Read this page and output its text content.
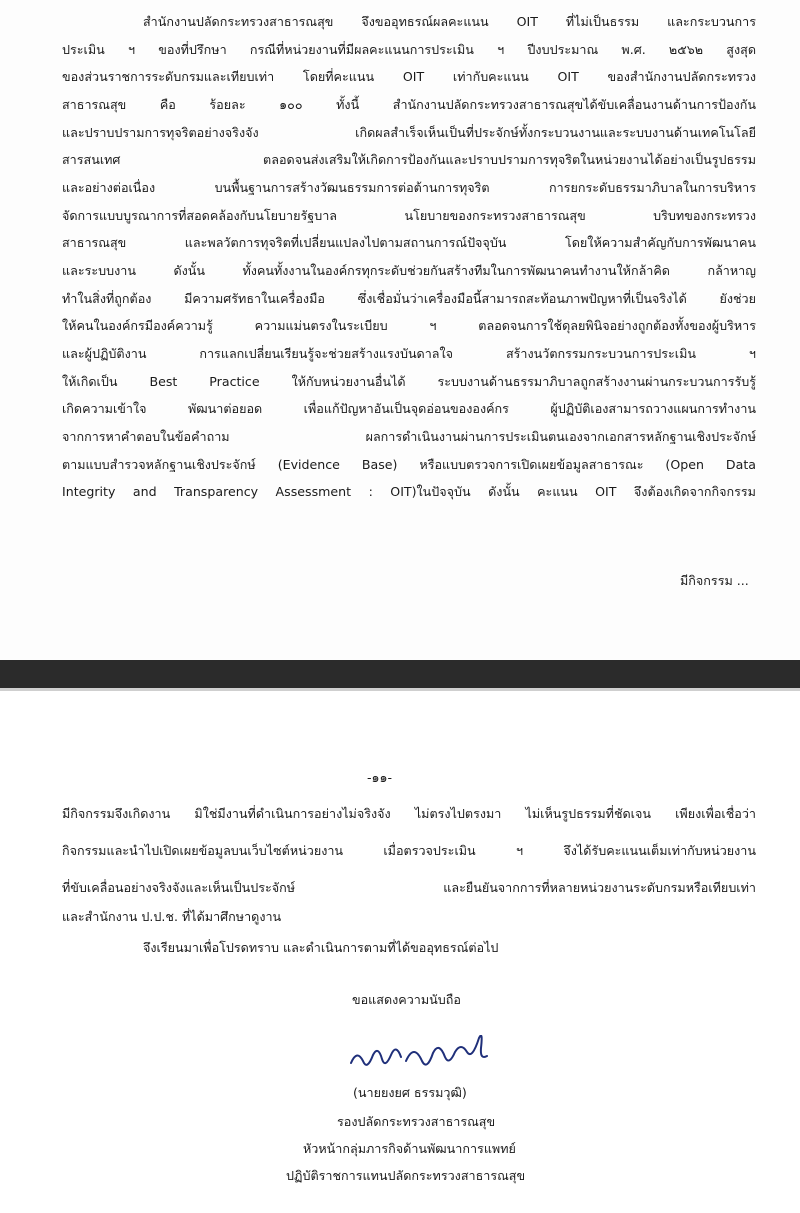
สำนักงานปลัดกระทรวงสาธารณสุข จึงขออุทธรณ์ผลคะแนน OIT ที่ไม่เป็นธรรม และกระบวนการ

ประเมิน ฯ ของที่ปรึกษา กรณีที่หน่วยงานที่มีผลคะแนนการประเมิน ฯ ปีงบประมาณ พ.ศ. ๒๕๖๒ สูงสุด

ของส่วนราชการระดับกรมและเทียบเท่า โดยที่คะแนน OIT เท่ากับคะแนน OIT ของสำนักงานปลัดกระทรวง

สาธารณสุข คือ ร้อยละ ๑๐๐ ทั้งนี้ สำนักงานปลัดกระทรวงสาธารณสุขได้ขับเคลื่อนงานด้านการป้องกัน

และปราบปรามการทุจริตอย่างจริงจัง เกิดผลสำเร็จเห็นเป็นที่ประจักษ์ทั้งกระบวนงานและระบบงานด้านเทคโนโลยี

สารสนเทศ ตลอดจนส่งเสริมให้เกิดการป้องกันและปราบปรามการทุจริตในหน่วยงานได้อย่างเป็นรูปธรรม

และอย่างต่อเนื่อง บนพื้นฐานการสร้างวัฒนธรรมการต่อต้านการทุจริต การยกระดับธรรมาภิบาลในการบริหาร

จัดการแบบบูรณาการที่สอดคล้องกับนโยบายรัฐบาล นโยบายของกระทรวงสาธารณสุข บริบทของกระทรวง

สาธารณสุข และพลวัตการทุจริตที่เปลี่ยนแปลงไปตามสถานการณ์ปัจจุบัน โดยให้ความสำคัญกับการพัฒนาคน

และระบบงาน ดังนั้น ทั้งคนทั้งงานในองค์กรทุกระดับช่วยกันสร้างทีมในการพัฒนาคนทำงานให้กล้าคิด กล้าหาญ

ทำในสิ่งที่ถูกต้อง มีความศรัทธาในเครื่องมือ ซึ่งเชื่อมั่นว่าเครื่องมือนี้สามารถสะท้อนภาพปัญหาที่เป็นจริงได้ ยังช่วย

ให้คนในองค์กรมีองค์ความรู้ ความแม่นตรงในระเบียบ ฯ ตลอดจนการใช้ดุลยพินิจอย่างถูกต้องทั้งของผู้บริหาร

และผู้ปฏิบัติงาน การแลกเปลี่ยนเรียนรู้จะช่วยสร้างแรงบันดาลใจ สร้างนวัตกรรมกระบวนการประเมิน ฯ

ให้เกิดเป็น Best Practice ให้กับหน่วยงานอื่นได้ ระบบงานด้านธรรมาภิบาลถูกสร้างงานผ่านกระบวนการรับรู้

เกิดความเข้าใจ พัฒนาต่อยอด เพื่อแก้ปัญหาอันเป็นจุดอ่อนขององค์กร ผู้ปฏิบัติเองสามารถวางแผนการทำงาน

จากการหาคำตอบในข้อคำถาม ผลการดำเนินงานผ่านการประเมินตนเองจากเอกสารหลักฐานเชิงประจักษ์

ตามแบบสำรวจหลักฐานเชิงประจักษ์ (Evidence Base) หรือแบบตรวจการเปิดเผยข้อมูลสาธารณะ (Open Data

Integrity and Transparency Assessment : OIT)ในปัจจุบัน ดังนั้น คะแนน OIT จึงต้องเกิดจากกิจกรรม

มีกิจกรรม ...

-๑๑-

มีกิจกรรมจึงเกิดงาน มิใช่มีงานที่ดำเนินการอย่างไม่จริงจัง ไม่ตรงไปตรงมา ไม่เห็นรูปธรรมที่ชัดเจน เพียงเพื่อเชื่อว่า

กิจกรรมและนำไปเปิดเผยข้อมูลบนเว็บไซต์หน่วยงาน เมื่อตรวจประเมิน ฯ จึงได้รับคะแนนเต็มเท่ากับหน่วยงาน

ที่ขับเคลื่อนอย่างจริงจังและเห็นเป็นประจักษ์ และยืนยันจากการที่หลายหน่วยงานระดับกรมหรือเทียบเท่า

และสำนักงาน ป.ป.ช. ที่ได้มาศึกษาดูงาน

จึงเรียนมาเพื่อโปรดทราบ และดำเนินการตามที่ได้ขออุทธรณ์ต่อไป

ขอแสดงความนับถือ

(นายยงยศ ธรรมวุฒิ)

รองปลัดกระทรวงสาธารณสุข

หัวหน้ากลุ่มภารกิจด้านพัฒนาการแพทย์

ปฏิบัติราชการแทนปลัดกระทรวงสาธารณสุข
